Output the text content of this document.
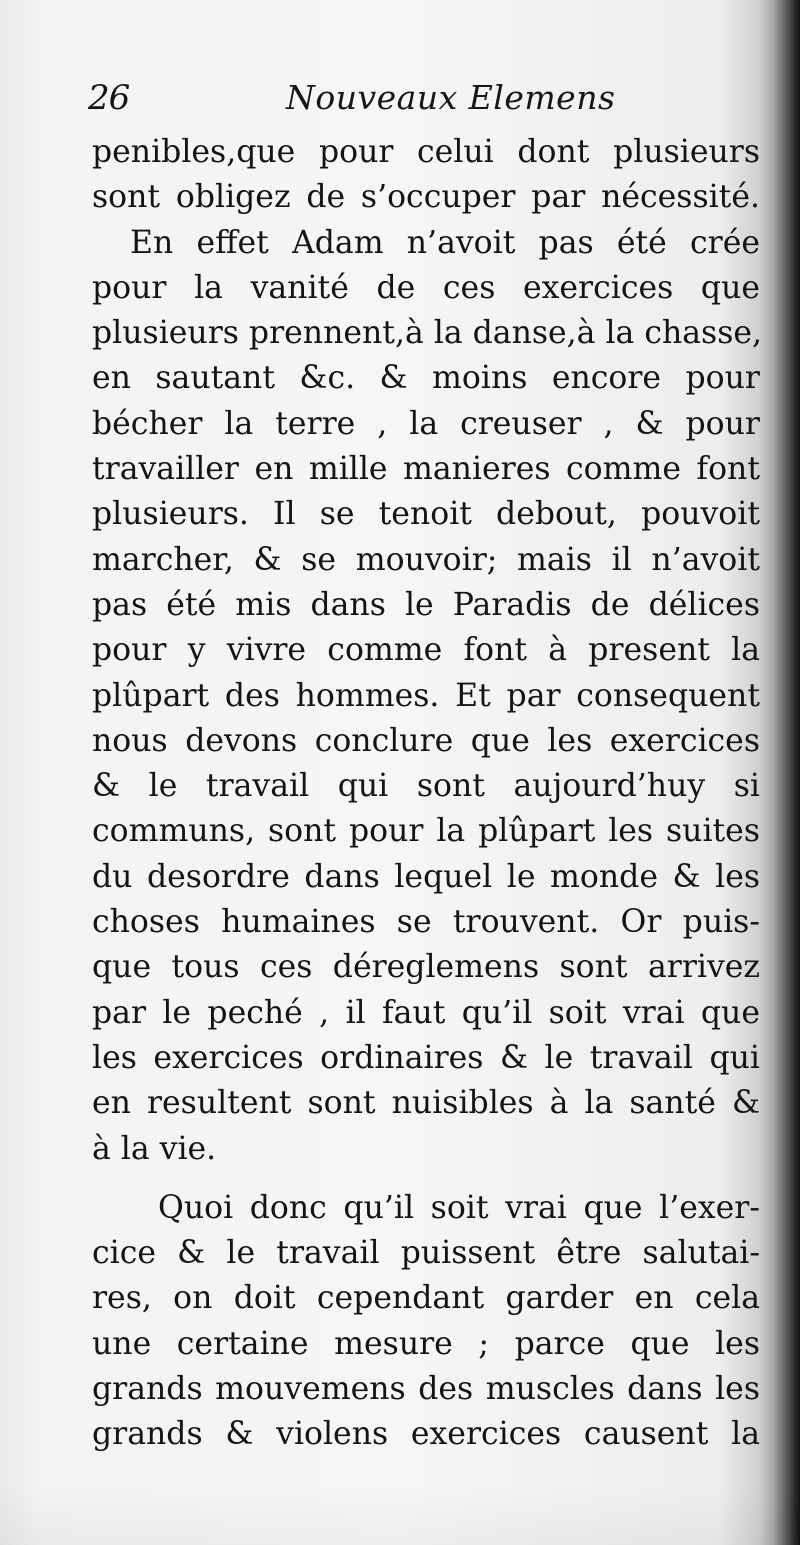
26	Nouveaux Elemens
penibles,que pour celui dont plusieurs
sont obligez de s’occuper par nécessité.
En effet Adam n’avoit pas été crée
pour la vanité de ces exercices que
plusieurs prennent,à la danse,à la chasse,
en sautant &c. & moins encore pour
bécher la terre , la creuser , & pour
travailler en mille manieres comme font
plusieurs. Il se tenoit debout, pouvoit
marcher, & se mouvoir; mais il n’avoit
pas été mis dans le Paradis de délices
pour y vivre comme font à present la
plûpart des hommes. Et par consequent
nous devons conclure que les exercices
& le travail qui sont aujourd’huy si
communs, sont pour la plûpart les suites
du desordre dans lequel le monde & les
choses humaines se trouvent. Or puis-
que tous ces déreglemens sont arrivez
par le peché , il faut qu’il soit vrai que
les exercices ordinaires & le travail qui
en resultent sont nuisibles à la santé &
à la vie.
Quoi donc qu’il soit vrai que l’exer-
cice & le travail puissent être salutai-
res, on doit cependant garder en cela
une certaine mesure ; parce que les
grands mouvemens des muscles dans les
grands & violens exercices causent la
